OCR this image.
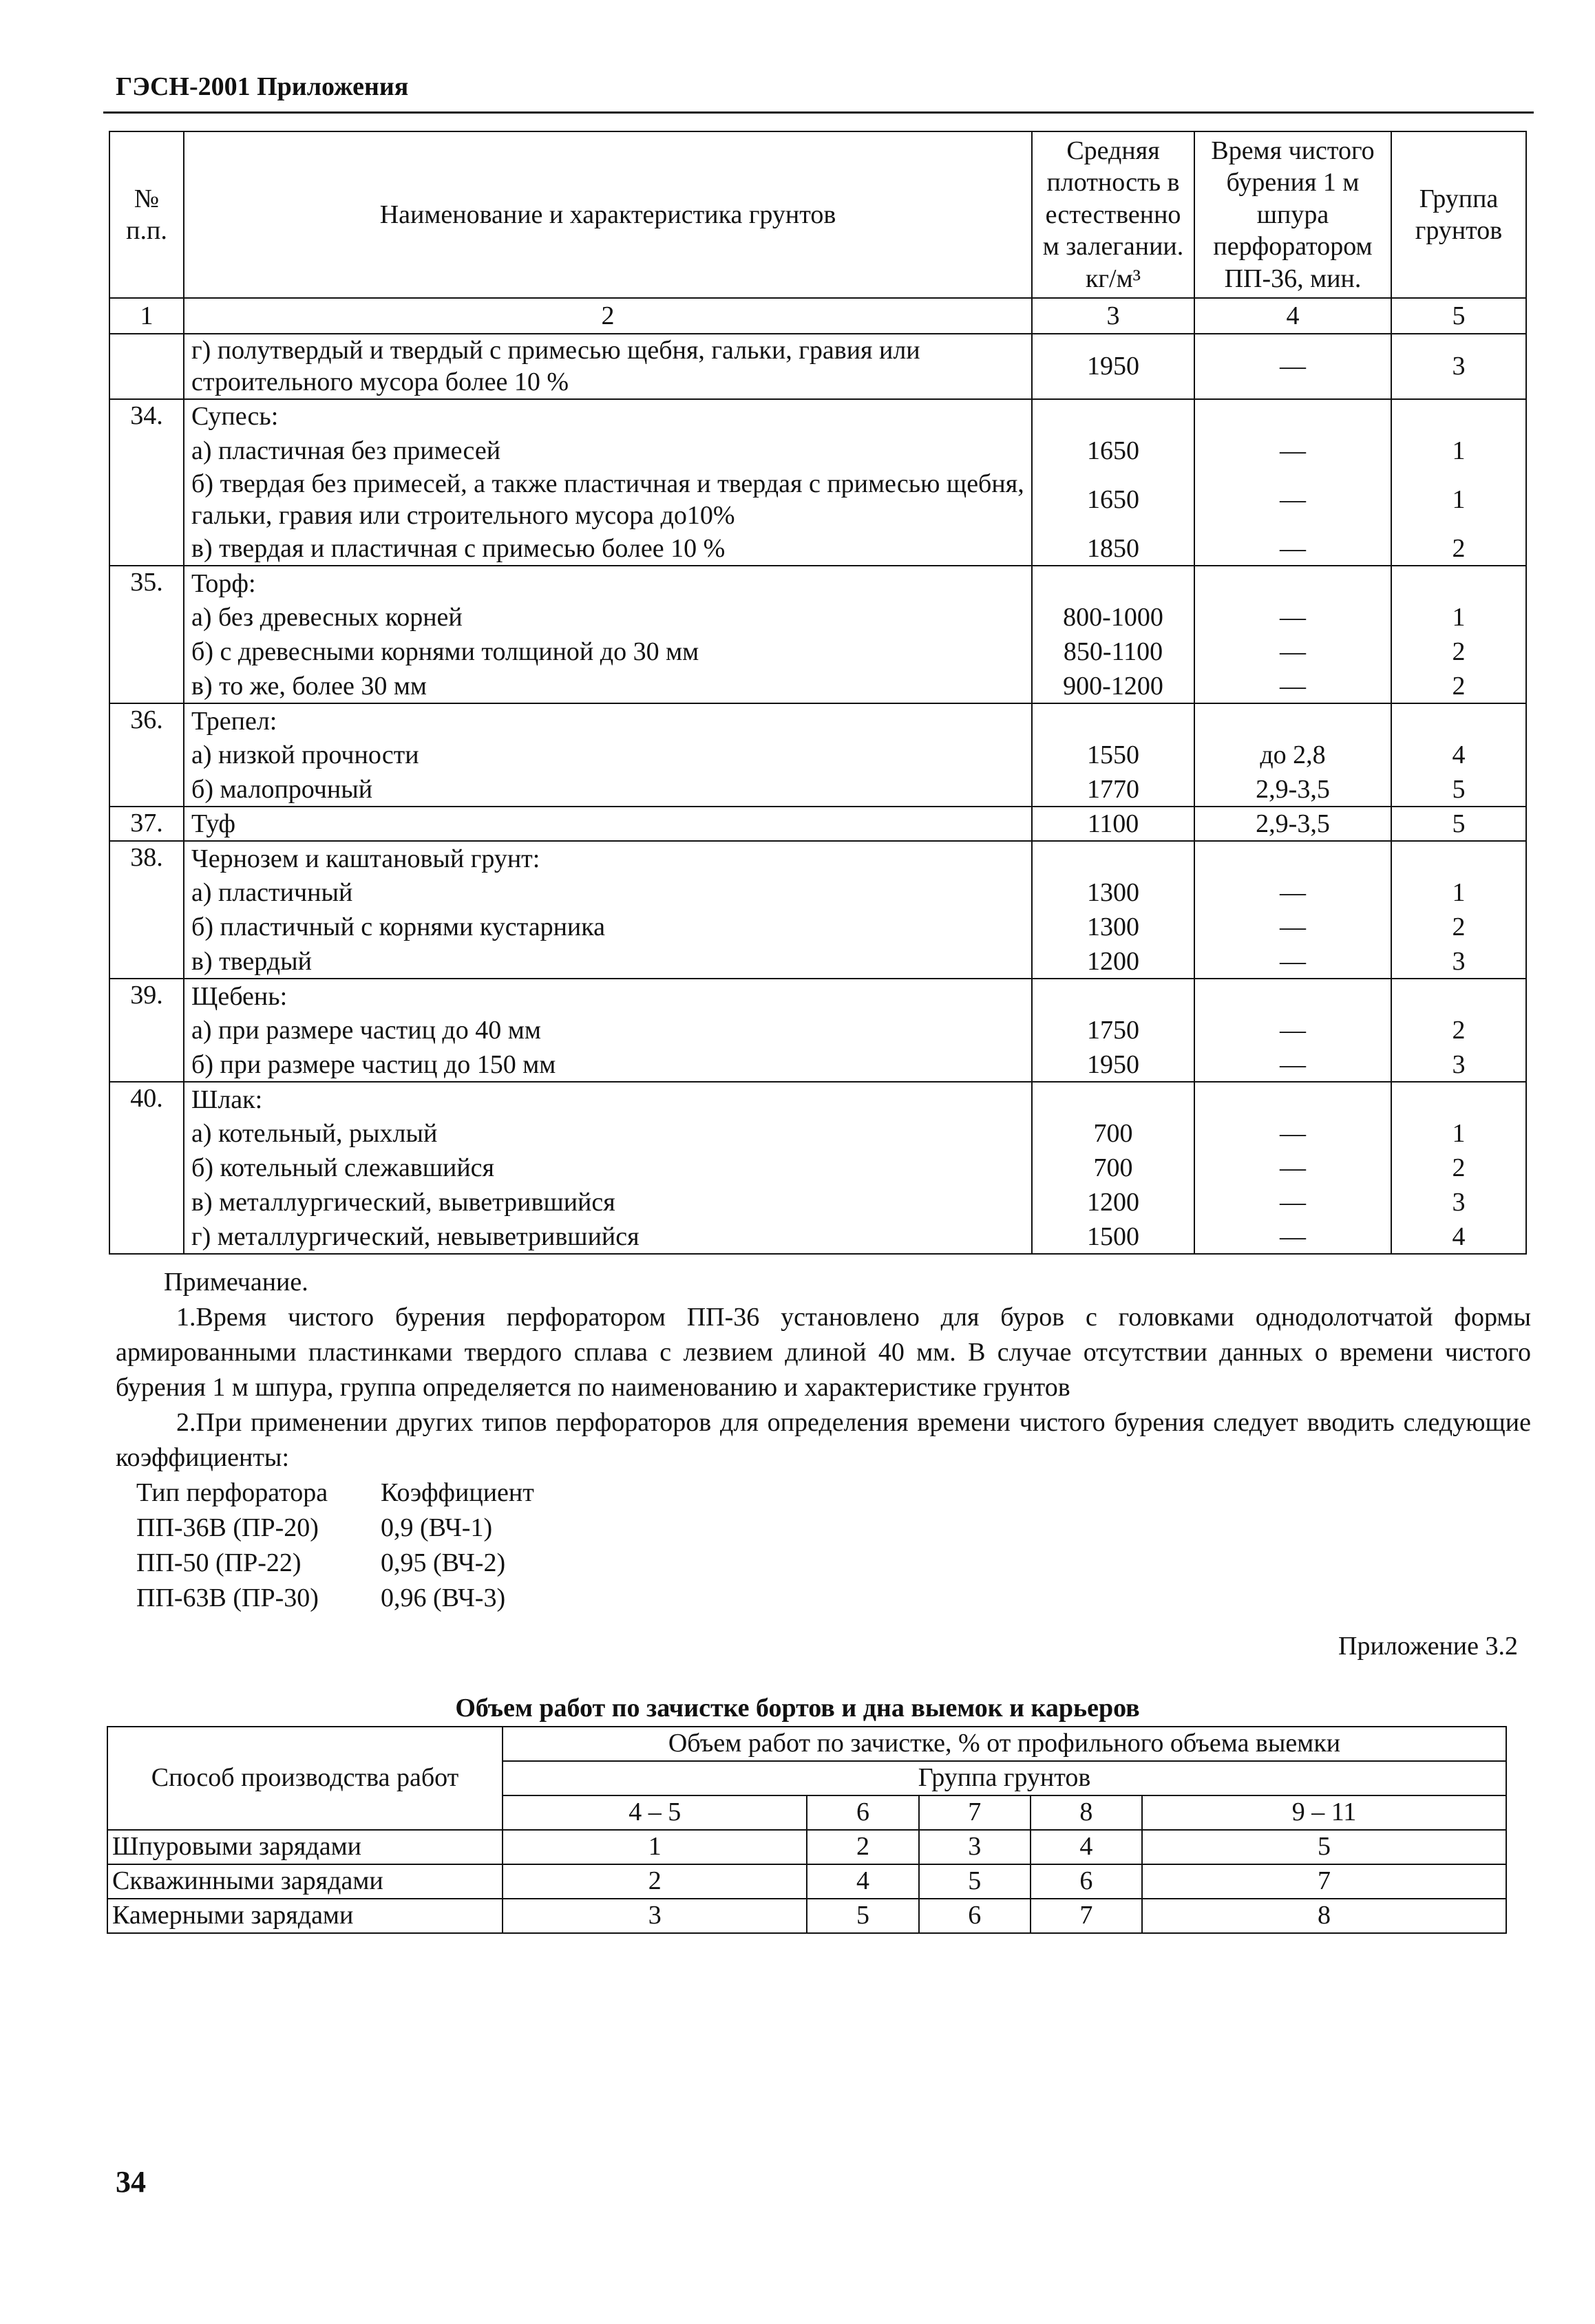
ГЭСН-2001 Приложения
№ п.п.	Наименование и характеристика грунтов	Средняя плотность в естественно м залегании. кг/м³	Время чистого бурения 1 м шпура перфоратором ПП-36, мин.	Группа грунтов
1	2	3	4	5
	г) полутвердый и твердый с примесью щебня, гальки, гравия или строительного мусора более 10 %	1950	—	3
34.	Супесь:			
	а) пластичная без примесей	1650	—	1
	б) твердая без примесей, а также пластичная и твердая с примесью щебня, гальки, гравия или строительного мусора до10%	1650	—	1
	в) твердая и пластичная с примесью более 10 %	1850	—	2
35.	Торф:			
	а) без древесных корней	800-1000	—	1
	б) с древесными корнями толщиной до 30 мм	850-1100	—	2
	в) то же, более 30 мм	900-1200	—	2
36.	Трепел:			
	а) низкой прочности	1550	до 2,8	4
	б) малопрочный	1770	2,9-3,5	5
37.	Туф	1100	2,9-3,5	5
38.	Чернозем и каштановый грунт:			
	а) пластичный	1300	—	1
	б) пластичный с корнями кустарника	1300	—	2
	в) твердый	1200	—	3
39.	Щебень:			
	а) при размере частиц до 40 мм	1750	—	2
	б) при размере частиц до 150 мм	1950	—	3
40.	Шлак:			
	а) котельный, рыхлый	700	—	1
	б) котельный слежавшийся	700	—	2
	в) металлургический, выветрившийся	1200	—	3
	г) металлургический, невыветрившийся	1500	—	4

Примечание.

1.Время чистого бурения перфоратором ПП-36 установлено для буров с головками однодолотчатой формы армированными пластинками твердого сплава с лезвием длиной 40 мм. В случае отсутствии данных о времени чистого бурения 1 м шпура, группа определяется по наименованию и характеристике грунтов

2.При применении других типов перфораторов для определения времени чистого бурения следует вводить следующие коэффициенты:

Тип перфоратора	Коэффициент
ПП-36В (ПР-20)	0,9 (ВЧ-1)
ПП-50 (ПР-22)	0,95 (ВЧ-2)
ПП-63В (ПР-30)	0,96 (ВЧ-3)
Приложение 3.2
Объем работ по зачистке бортов и дна выемок и карьеров
Способ производства работ	Объем работ по зачистке, % от профильного объема выемки				
	Группа грунтов				
	4 – 5	6	7	8	9 – 11
Шпуровыми зарядами	1	2	3	4	5
Скважинными зарядами	2	4	5	6	7
Камерными зарядами	3	5	6	7	8
34
